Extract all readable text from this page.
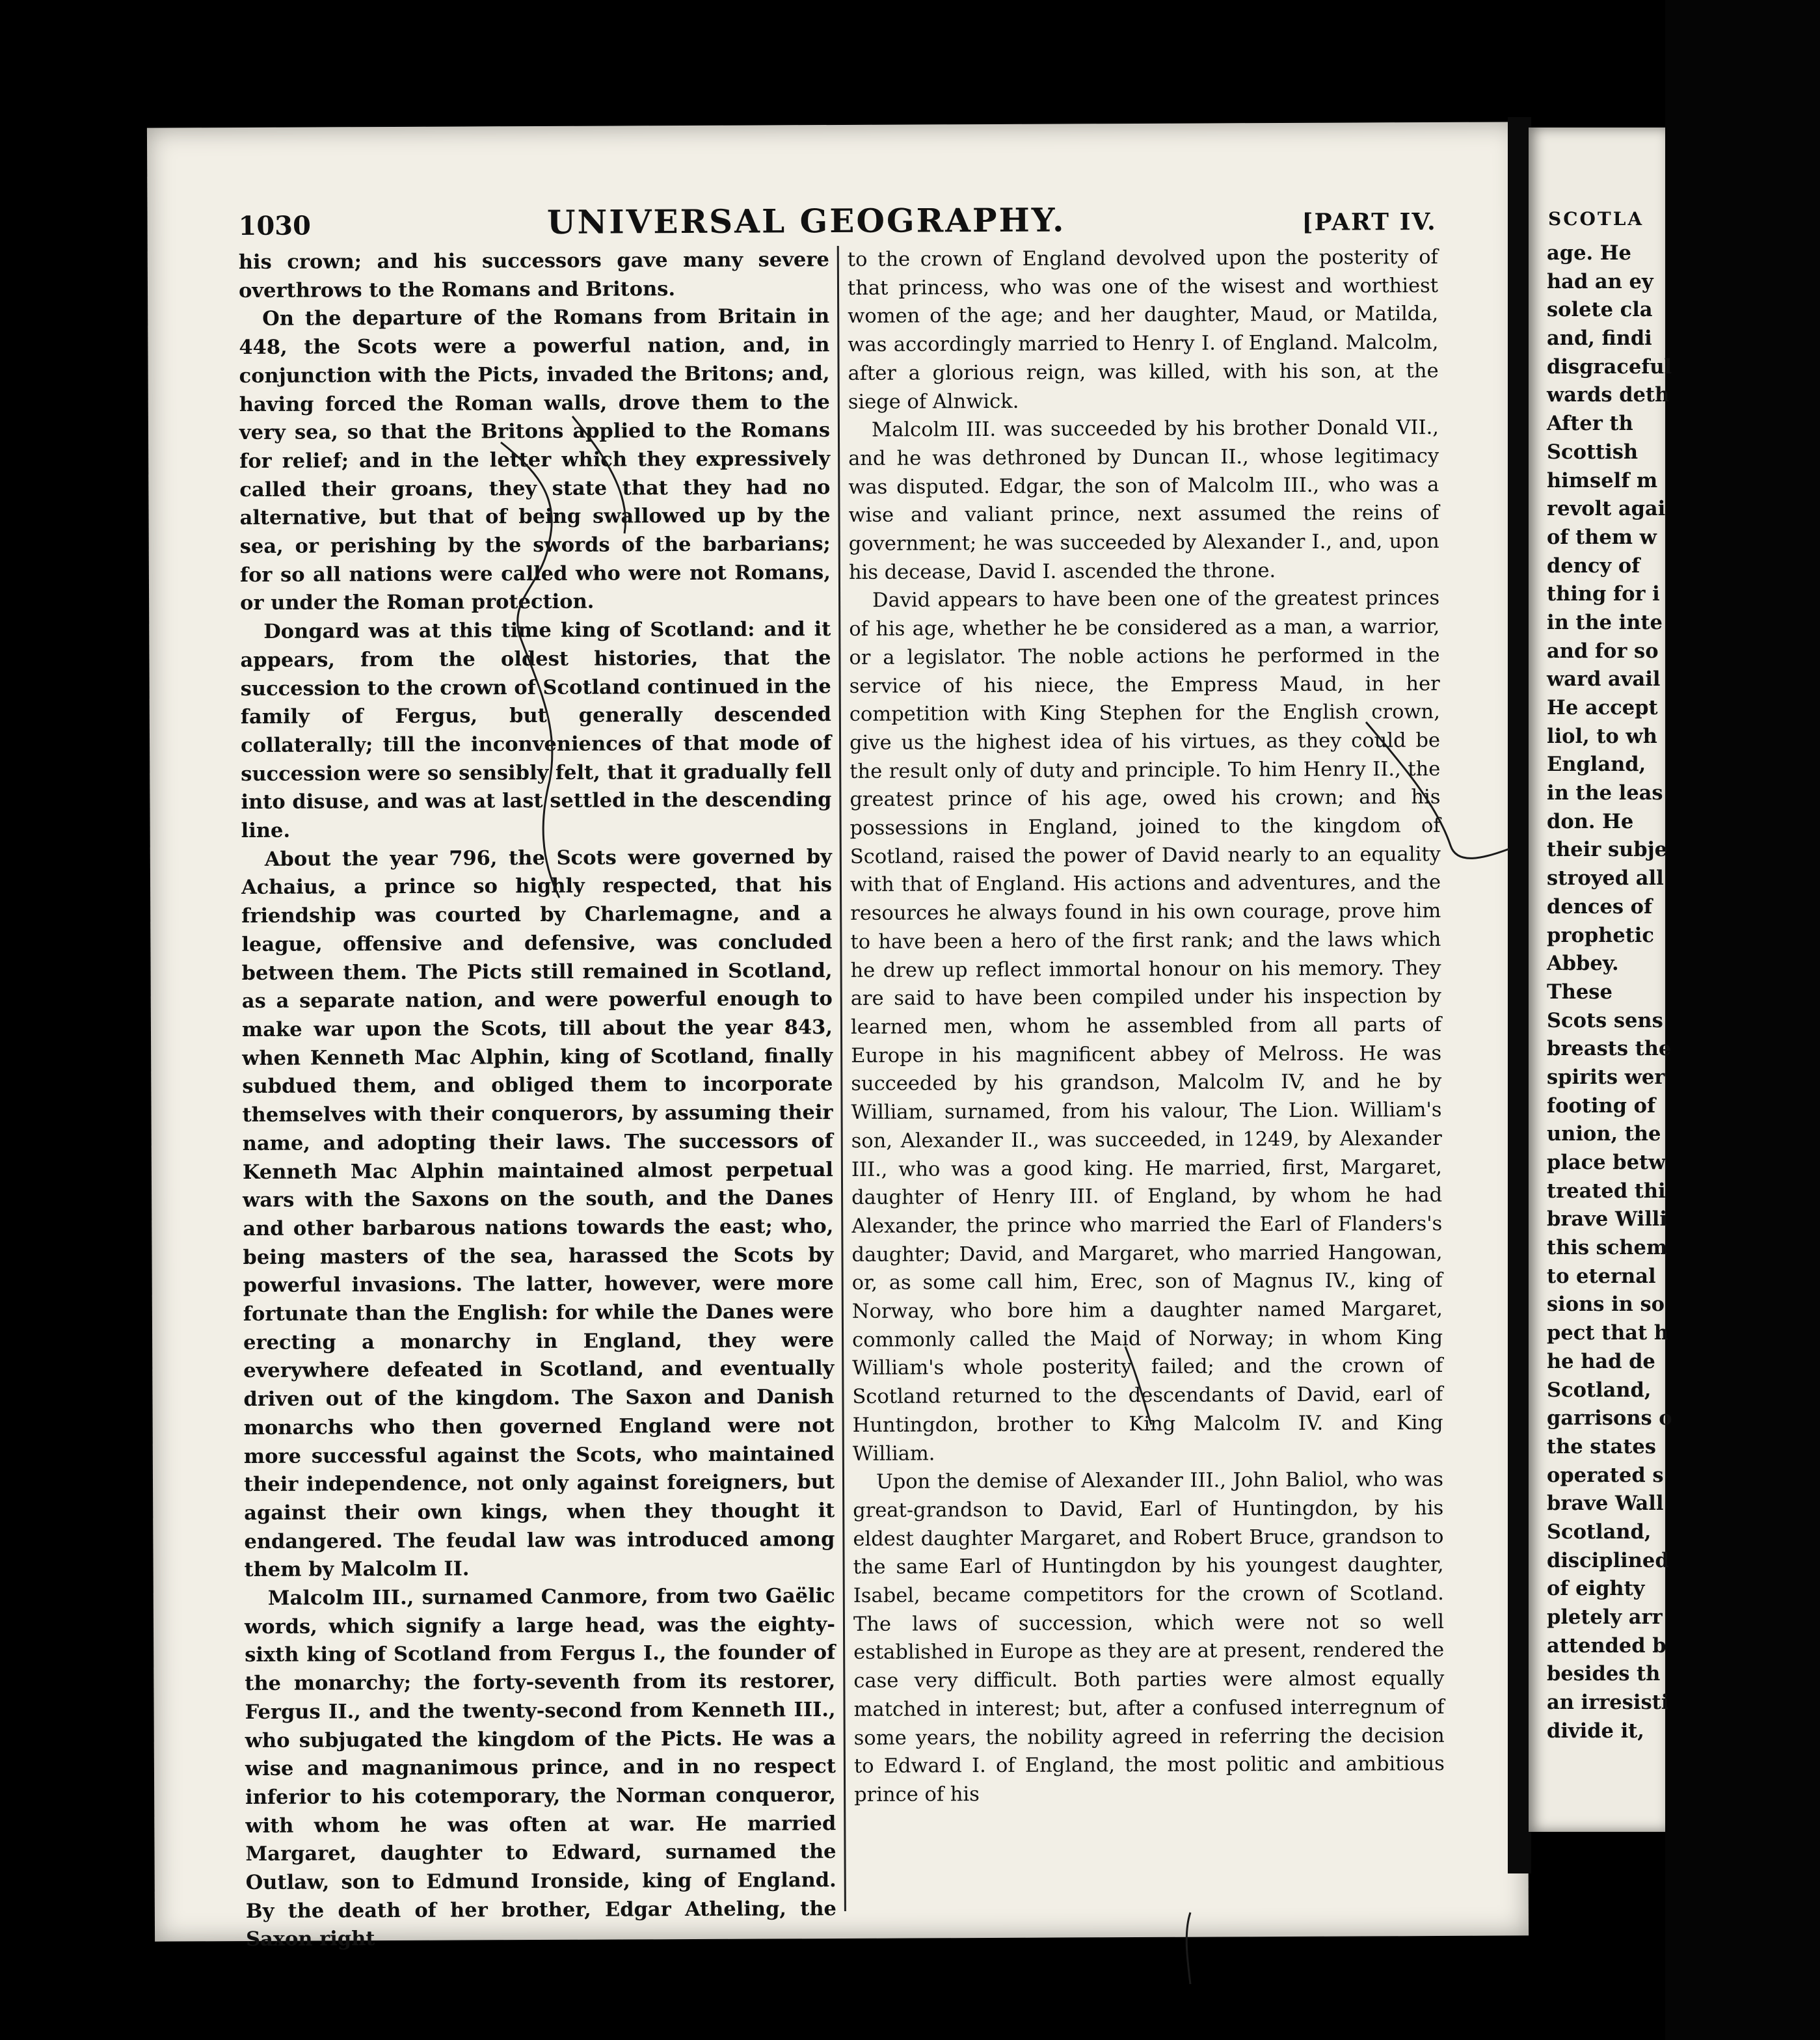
1030	UNIVERSAL GEOGRAPHY.	[PART IV.

his crown; and his successors gave many severe overthrows to the Romans and Britons.

On the departure of the Romans from Britain in 448, the Scots were a powerful nation, and, in conjunction with the Picts, invaded the Britons; and, having forced the Roman walls, drove them to the very sea, so that the Britons applied to the Romans for relief; and in the letter which they expressively called their groans, they state that they had no alternative, but that of being swallowed up by the sea, or perishing by the swords of the barbarians; for so all nations were called who were not Romans, or under the Roman protection.

Dongard was at this time king of Scotland: and it appears, from the oldest histories, that the succession to the crown of Scotland continued in the family of Fergus, but generally descended collaterally; till the inconveniences of that mode of succession were so sensibly felt, that it gradually fell into disuse, and was at last settled in the descending line.

About the year 796, the Scots were governed by Achaius, a prince so highly respected, that his friendship was courted by Charlemagne, and a league, offensive and defensive, was concluded between them. The Picts still remained in Scotland, as a separate nation, and were powerful enough to make war upon the Scots, till about the year 843, when Kenneth Mac Alphin, king of Scotland, finally subdued them, and obliged them to incorporate themselves with their conquerors, by assuming their name, and adopting their laws. The successors of Kenneth Mac Alphin maintained almost perpetual wars with the Saxons on the south, and the Danes and other barbarous nations towards the east; who, being masters of the sea, harassed the Scots by powerful invasions. The latter, however, were more fortunate than the English: for while the Danes were erecting a monarchy in England, they were everywhere defeated in Scotland, and eventually driven out of the kingdom. The Saxon and Danish monarchs who then governed England were not more successful against the Scots, who maintained their independence, not only against foreigners, but against their own kings, when they thought it endangered. The feudal law was introduced among them by Malcolm II.

Malcolm III., surnamed Canmore, from two Gaëlic words, which signify a large head, was the eighty-sixth king of Scotland from Fergus I., the founder of the monarchy; the forty-seventh from its restorer, Fergus II., and the twenty-second from Kenneth III., who subjugated the kingdom of the Picts. He was a wise and magnanimous prince, and in no respect inferior to his cotemporary, the Norman conqueror, with whom he was often at war. He married Margaret, daughter to Edward, surnamed the Outlaw, son to Edmund Ironside, king of England. By the death of her brother, Edgar Atheling, the Saxon right

to the crown of England devolved upon the posterity of that princess, who was one of the wisest and worthiest women of the age; and her daughter, Maud, or Matilda, was accordingly married to Henry I. of England. Malcolm, after a glorious reign, was killed, with his son, at the siege of Alnwick.

Malcolm III. was succeeded by his brother Donald VII., and he was dethroned by Duncan II., whose legitimacy was disputed. Edgar, the son of Malcolm III., who was a wise and valiant prince, next assumed the reins of government; he was succeeded by Alexander I., and, upon his decease, David I. ascended the throne.

David appears to have been one of the greatest princes of his age, whether he be considered as a man, a warrior, or a legislator. The noble actions he performed in the service of his niece, the Empress Maud, in her competition with King Stephen for the English crown, give us the highest idea of his virtues, as they could be the result only of duty and principle. To him Henry II., the greatest prince of his age, owed his crown; and his possessions in England, joined to the kingdom of Scotland, raised the power of David nearly to an equality with that of England. His actions and adventures, and the resources he always found in his own courage, prove him to have been a hero of the first rank; and the laws which he drew up reflect immortal honour on his memory. They are said to have been compiled under his inspection by learned men, whom he assembled from all parts of Europe in his magnificent abbey of Melross. He was succeeded by his grandson, Malcolm IV, and he by William, surnamed, from his valour, The Lion. William's son, Alexander II., was succeeded, in 1249, by Alexander III., who was a good king. He married, first, Margaret, daughter of Henry III. of England, by whom he had Alexander, the prince who married the Earl of Flanders's daughter; David, and Margaret, who married Hangowan, or, as some call him, Erec, son of Magnus IV., king of Norway, who bore him a daughter named Margaret, commonly called the Maid of Norway; in whom King William's whole posterity failed; and the crown of Scotland returned to the descendants of David, earl of Huntingdon, brother to King Malcolm IV. and King William.

Upon the demise of Alexander III., John Baliol, who was great-grandson to David, Earl of Huntingdon, by his eldest daughter Margaret, and Robert Bruce, grandson to the same Earl of Huntingdon by his youngest daughter, Isabel, became competitors for the crown of Scotland. The laws of succession, which were not so well established in Europe as they are at present, rendered the case very difficult. Both parties were almost equally matched in interest; but, after a confused interregnum of some years, the nobility agreed in referring the decision to Edward I. of England, the most politic and ambitious prince of his

SCOTLA
age. He
had an ey
solete cla
and, findi
disgraceful
wards deth
After th
Scottish
himself m
revolt agai
of them w
dency of
thing for i
in the inte
and for so
ward avail
He accept
liol, to wh
England,
in the leas
don. He
their subje
stroyed all
dences of
prophetic
Abbey.
These
Scots sens
breasts the
spirits wer
footing of
union, the
place betw
treated thi
brave Willi
this schem
to eternal
sions in so
pect that h
he had de
Scotland,
garrisons o
the states
operated s
brave Wall
Scotland,
disciplined
of eighty
pletely arr
attended b
besides th
an irresisti
divide it,
